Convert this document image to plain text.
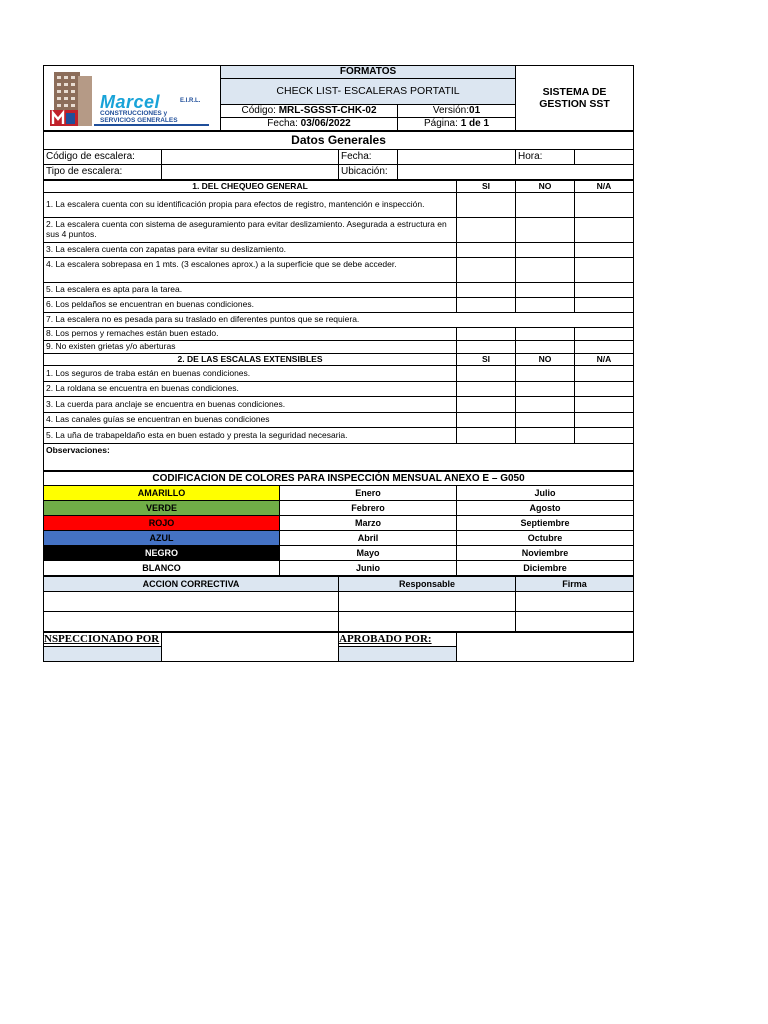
Marcel E.I.R.L.
CONSTRUCCIONES y
SERVICIOS GENERALES	FORMATOS		SISTEMA DE GESTION SST
	CHECK LIST- ESCALERAS PORTATIL		
	Código: MRL-SGSST-CHK-02	Versión:01	
	Fecha: 03/06/2022	Página: 1 de 1	
Datos Generales					
Código de escalera:		Fecha:		Hora:	
Tipo de escalera:		Ubicación:			
1. DEL CHEQUEO GENERAL	SI	NO	N/A
1. La escalera cuenta con su identificación propia para efectos de registro, mantención e inspección.			
2. La escalera cuenta con sistema de aseguramiento para evitar deslizamiento. Asegurada a estructura en sus 4 puntos.			
3. La escalera cuenta con zapatas para evitar su deslizamiento.			
4. La escalera sobrepasa en 1 mts. (3 escalones aprox.) a la superficie que se debe acceder.			
5. La escalera es apta para la tarea.			
6. Los peldaños se encuentran en buenas condiciones.			
7. La escalera no es pesada para su traslado en diferentes puntos que se requiera.			
8. Los pernos y remaches están buen estado.			
9. No existen grietas y/o aberturas			
2. DE LAS ESCALAS EXTENSIBLES	SI	NO	N/A
1. Los seguros de traba están en buenas condiciones.			
2. La roldana se encuentra en buenas condiciones.			
3. La cuerda para anclaje se encuentra en buenas condiciones.			
4. Las canales guías se encuentran en buenas condiciones			
5. La uña de trabapeldaño esta en buen estado y presta la seguridad necesaria.			
Observaciones:			
CODIFICACION DE COLORES PARA INSPECCIÓN MENSUAL ANEXO E – G050		
AMARILLO	Enero	Julio
VERDE	Febrero	Agosto
ROJO	Marzo	Septiembre
AZUL	Abril	Octubre
NEGRO	Mayo	Noviembre
BLANCO	Junio	Diciembre
ACCION CORRECTIVA	Responsable	Firma

NSPECCIONADO POR		APROBADO POR:	
